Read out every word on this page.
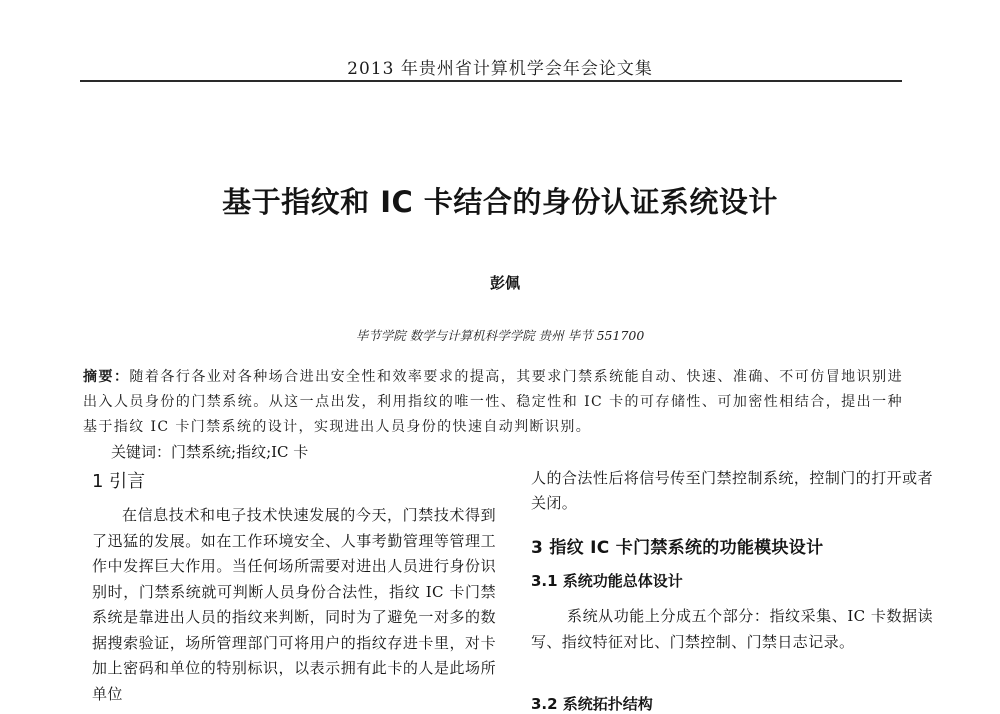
2013 年贵州省计算机学会年会论文集
基于指纹和 IC 卡结合的身份认证系统设计
彭佩
毕节学院 数学与计算机科学学院 贵州 毕节 551700
摘要：随着各行各业对各种场合进出安全性和效率要求的提高，其要求门禁系统能自动、快速、准确、不可仿冒地识别进出入人员身份的门禁系统。从这一点出发，利用指纹的唯一性、稳定性和 IC 卡的可存储性、可加密性相结合，提出一种基于指纹 IC 卡门禁系统的设计，实现进出人员身份的快速自动判断识别。
关键词：门禁系统;指纹;IC 卡
1 引言
在信息技术和电子技术快速发展的今天，门禁技术得到了迅猛的发展。如在工作环境安全、人事考勤管理等管理工作中发挥巨大作用。当任何场所需要对进出人员进行身份识别时，门禁系统就可判断人员身份合法性，指纹 IC 卡门禁系统是靠进出人员的指纹来判断，同时为了避免一对多的数据搜索验证，场所管理部门可将用户的指纹存进卡里，对卡加上密码和单位的特别标识，以表示拥有此卡的人是此场所单位
人的合法性后将信号传至门禁控制系统，控制门的打开或者关闭。
3 指纹 IC 卡门禁系统的功能模块设计
3.1 系统功能总体设计
系统从功能上分成五个部分：指纹采集、IC 卡数据读写、指纹特征对比、门禁控制、门禁日志记录。
3.2 系统拓扑结构
